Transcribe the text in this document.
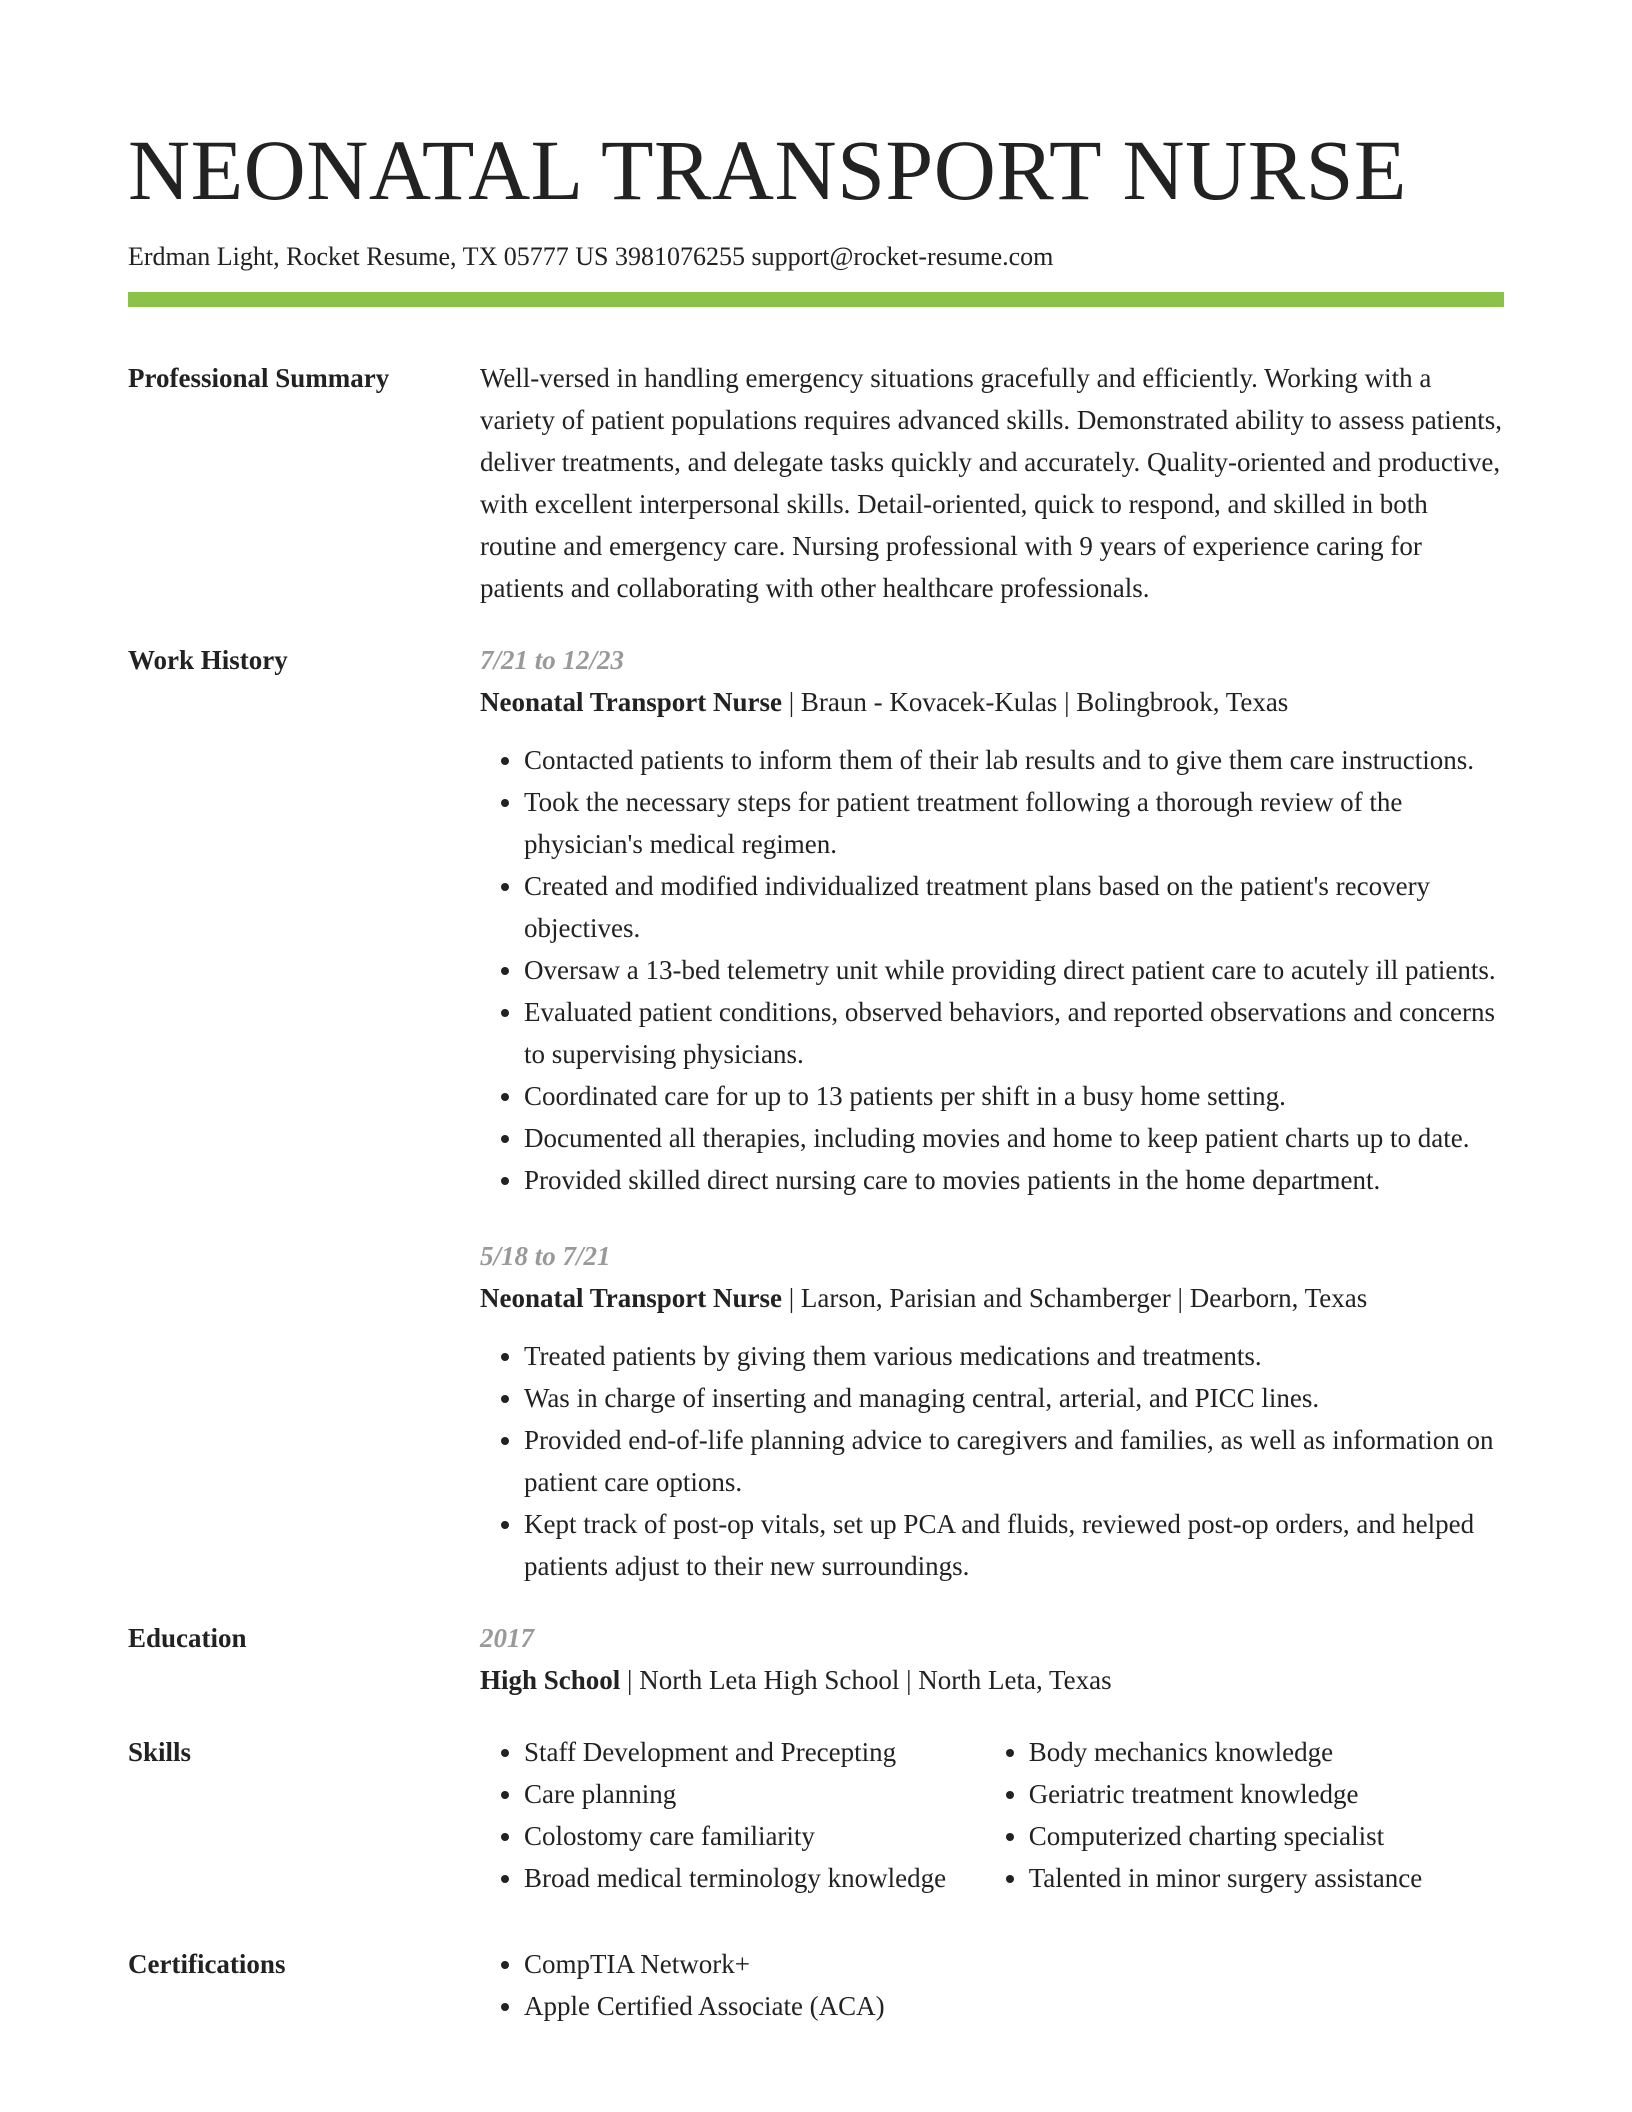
NEONATAL TRANSPORT NURSE
Erdman Light, Rocket Resume, TX 05777 US 3981076255 support@rocket-resume.com
Professional Summary	Well-versed in handling emergency situations gracefully and efficiently. Working with a variety of patient populations requires advanced skills. Demonstrated ability to assess patients, deliver treatments, and delegate tasks quickly and accurately. Quality-oriented and productive, with excellent interpersonal skills. Detail-oriented, quick to respond, and skilled in both routine and emergency care. Nursing professional with 9 years of experience caring for patients and collaborating with other healthcare professionals.
Work History	7/21 to 12/23
Neonatal Transport Nurse | Braun - Kovacek-Kulas | Bolingbrook, Texas
• Contacted patients to inform them of their lab results and to give them care instructions.
• Took the necessary steps for patient treatment following a thorough review of the physician's medical regimen.
• Created and modified individualized treatment plans based on the patient's recovery objectives.
• Oversaw a 13-bed telemetry unit while providing direct patient care to acutely ill patients.
• Evaluated patient conditions, observed behaviors, and reported observations and concerns to supervising physicians.
• Coordinated care for up to 13 patients per shift in a busy home setting.
• Documented all therapies, including movies and home to keep patient charts up to date.
• Provided skilled direct nursing care to movies patients in the home department.
5/18 to 7/21
Neonatal Transport Nurse | Larson, Parisian and Schamberger | Dearborn, Texas
• Treated patients by giving them various medications and treatments.
• Was in charge of inserting and managing central, arterial, and PICC lines.
• Provided end-of-life planning advice to caregivers and families, as well as information on patient care options.
• Kept track of post-op vitals, set up PCA and fluids, reviewed post-op orders, and helped patients adjust to their new surroundings.
Education	2017
High School | North Leta High School | North Leta, Texas
Skills	• Staff Development and Precepting
• Care planning
• Colostomy care familiarity
• Broad medical terminology knowledge
• Body mechanics knowledge
• Geriatric treatment knowledge
• Computerized charting specialist
• Talented in minor surgery assistance
Certifications	• CompTIA Network+
• Apple Certified Associate (ACA)
